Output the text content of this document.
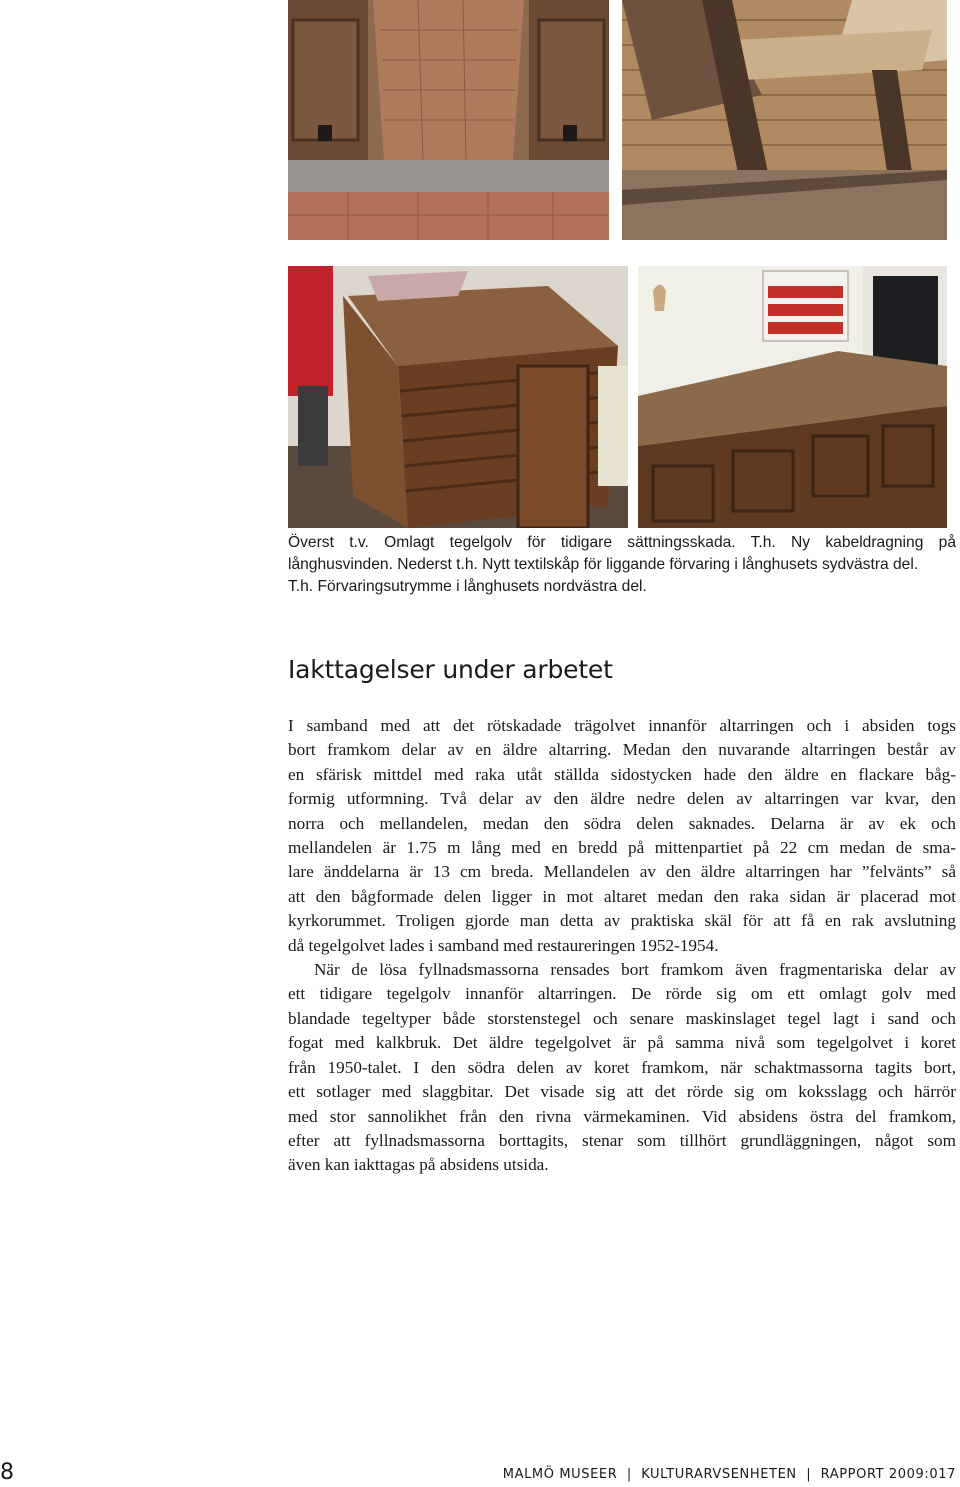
Överst t.v. Omlagt tegelgolv för tidigare sättningsskada. T.h. Ny kabeldragning på
långhusvinden. Nederst t.h. Nytt textilskåp för liggande förvaring i långhusets sydvästra del.
T.h. Förvaringsutrymme i långhusets nordvästra del.
Iakttagelser under arbetet
I samband med att det rötskadade trägolvet innanför altarringen och i absiden togs
bort framkom delar av en äldre altarring. Medan den nuvarande altarringen består av
en sfärisk mittdel med raka utåt ställda sidostycken hade den äldre en flackare båg-
formig utformning. Två delar av den äldre nedre delen av altarringen var kvar, den
norra och mellandelen, medan den södra delen saknades. Delarna är av ek och
mellandelen är 1.75 m lång med en bredd på mittenpartiet på 22 cm medan de sma-
lare änddelarna är 13 cm breda. Mellandelen av den äldre altarringen har ”felvänts” så
att den bågformade delen ligger in mot altaret medan den raka sidan är placerad mot
kyrkorummet. Troligen gjorde man detta av praktiska skäl för att få en rak avslutning
då tegelgolvet lades i samband med restaureringen 1952-1954.
När de lösa fyllnadsmassorna rensades bort framkom även fragmentariska delar av
ett tidigare tegelgolv innanför altarringen. De rörde sig om ett omlagt golv med
blandade tegeltyper både storstenstegel och senare maskinslaget tegel lagt i sand och
fogat med kalkbruk. Det äldre tegelgolvet är på samma nivå som tegelgolvet i koret
från 1950-talet. I den södra delen av koret framkom, när schaktmassorna tagits bort,
ett sotlager med slaggbitar. Det visade sig att det rörde sig om koksslagg och härrör
med stor sannolikhet från den rivna värmekaminen. Vid absidens östra del framkom,
efter att fyllnadsmassorna borttagits, stenar som tillhört grundläggningen, något som
även kan iakttagas på absidens utsida.
8	MALMÖ MUSEER  |  KULTURARVSENHETEN  |  RAPPORT 2009:017
